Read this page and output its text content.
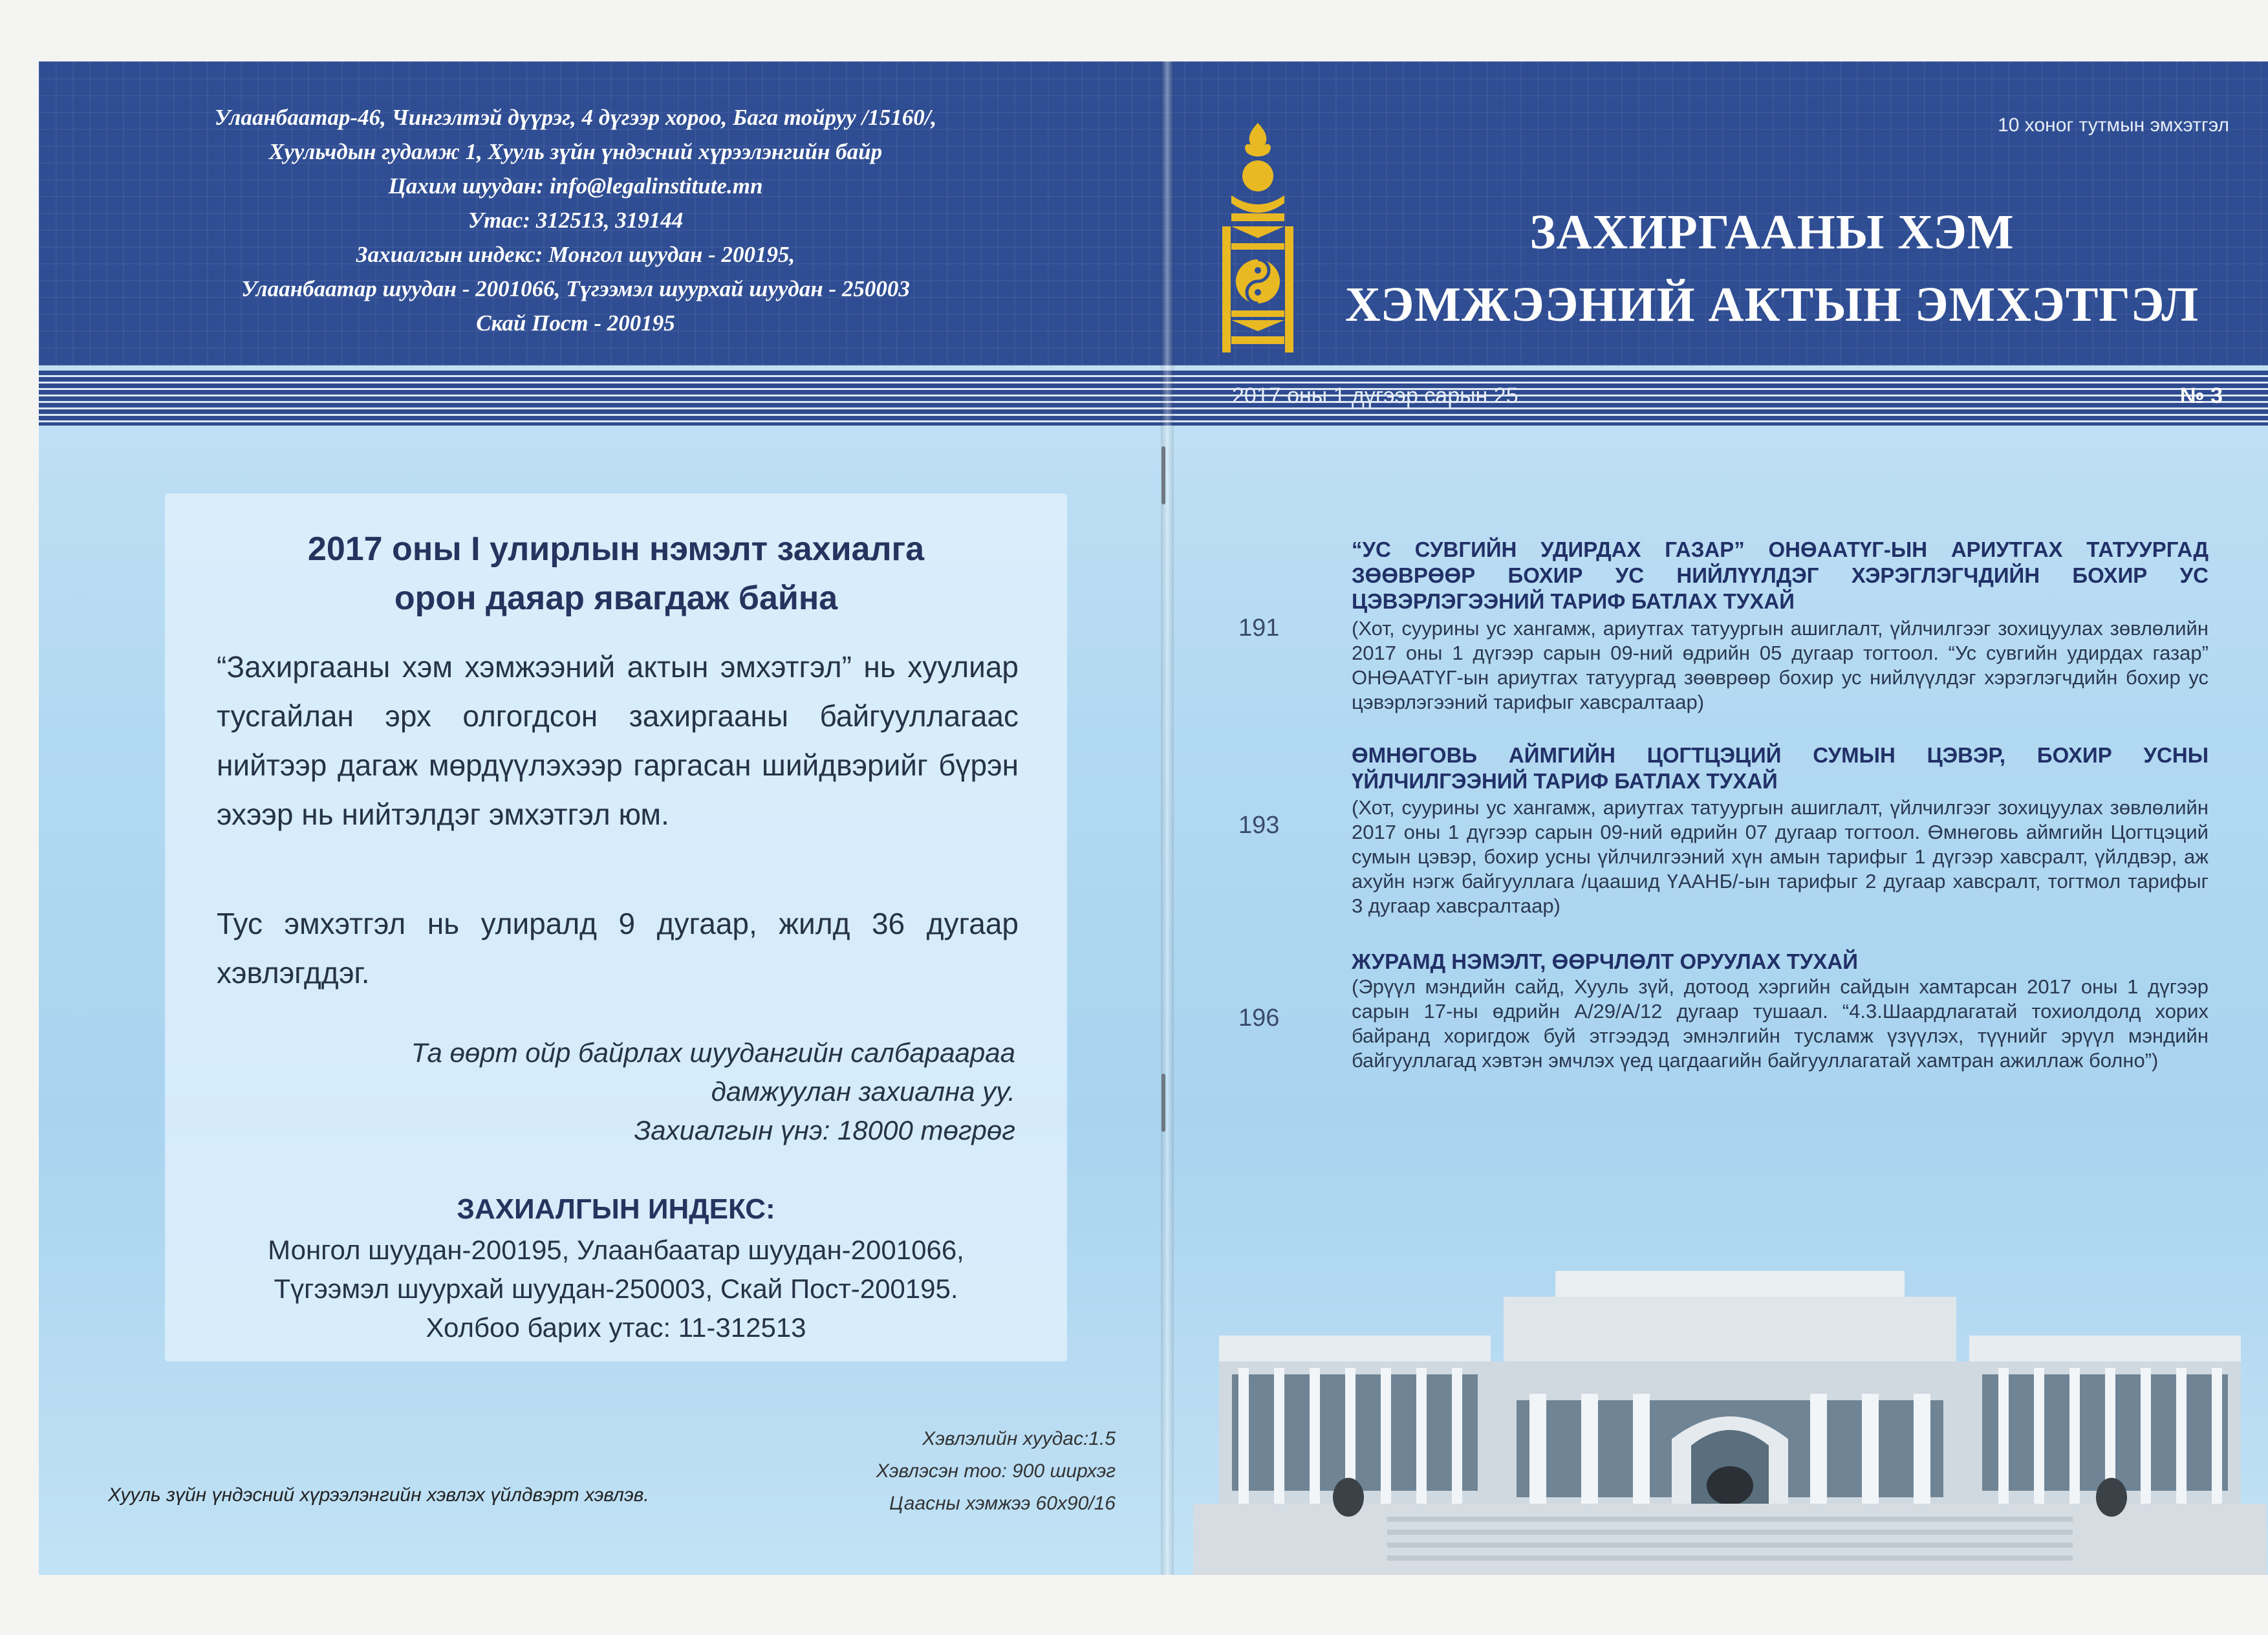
Улаанбаатар-46, Чингэлтэй дүүрэг, 4 дүгээр хороо, Бага тойруу /15160/,
Хуульчдын гудамж 1, Хууль зүйн үндэсний хүрээлэнгийн байр
Цахим шуудан: info@legalinstitute.mn
Утас: 312513, 319144
Захиалгын индекс: Монгол шуудан - 200195,
Улаанбаатар шуудан - 2001066, Түгээмэл шуурхай шуудан - 250003
Скай Пост - 200195
2017 оны I улирлын нэмэлт захиалга
орон даяар явагдаж байна

“Захиргааны хэм хэмжээний актын эмхэтгэл” нь хуулиар тусгайлан эрх олгогдсон захиргааны байгууллагаас нийтээр дагаж мөрдүүлэхээр гаргасан шийдвэрийг бүрэн эхээр нь нийтэлдэг эмхэтгэл юм.

Тус эмхэтгэл нь улиралд 9 дугаар, жилд 36 дугаар хэвлэгддэг.

Та өөрт ойр байрлах шуудангийн салбараараа
дамжуулан захиална уу.
Захиалгын үнэ: 18000 төгрөг
ЗАХИАЛГЫН ИНДЕКС:
Монгол шуудан-200195, Улаанбаатар шуудан-2001066,
Түгээмэл шуурхай шуудан-250003, Скай Пост-200195.
Холбоо барих утас: 11-312513
Хэвлэлийн хуудас:1.5
Хэвлэсэн тоо: 900 ширхэг
Цаасны хэмжээ 60x90/16
Хууль зүйн үндэсний хүрээлэнгийн хэвлэх үйлдвэрт хэвлэв.
10 хоног тутмын эмхэтгэл
ЗАХИРГААНЫ ХЭМ
ХЭМЖЭЭНИЙ АКТЫН ЭМХЭТГЭЛ
2017 оны 1 дүгээр сарын 25	№ 3
191

“УС СУВГИЙН УДИРДАХ ГАЗАР” ОНӨААТҮГ-ЫН АРИУТГАХ ТАТУУРГАД ЗӨӨВРӨӨР БОХИР УС НИЙЛҮҮЛДЭГ ХЭРЭГЛЭГЧДИЙН БОХИР УС ЦЭВЭРЛЭГЭЭНИЙ ТАРИФ БАТЛАХ ТУХАЙ

(Хот, суурины ус хангамж, ариутгах татуургын ашиглалт, үйлчилгээг зохицуулах зөвлөлийн 2017 оны 1 дүгээр сарын 09-ний өдрийн 05 дугаар тогтоол. “Ус сувгийн удирдах газар” ОНӨААТҮГ-ын ариутгах татуургад зөөврөөр бохир ус нийлүүлдэг хэрэглэгчдийн бохир ус цэвэрлэгээний тарифыг хавсралтаар)

193

ӨМНӨГОВЬ АЙМГИЙН ЦОГТЦЭЦИЙ СУМЫН ЦЭВЭР, БОХИР УСНЫ ҮЙЛЧИЛГЭЭНИЙ ТАРИФ БАТЛАХ ТУХАЙ

(Хот, суурины ус хангамж, ариутгах татуургын ашиглалт, үйлчилгээг зохицуулах зөвлөлийн 2017 оны 1 дүгээр сарын 09-ний өдрийн 07 дугаар тогтоол. Өмнөговь аймгийн Цогтцэций сумын цэвэр, бохир усны үйлчилгээний хүн амын тарифыг 1 дүгээр хавсралт, үйлдвэр, аж ахуйн нэгж байгууллага /цаашид ҮААНБ/-ын тарифыг 2 дугаар хавсралт, тогтмол тарифыг 3 дугаар хавсралтаар)

196

ЖУРАМД НЭМЭЛТ, ӨӨРЧЛӨЛТ ОРУУЛАХ ТУХАЙ

(Эрүүл мэндийн сайд, Хууль зүй, дотоод хэргийн сайдын хамтарсан 2017 оны 1 дүгээр сарын 17-ны өдрийн А/29/А/12 дугаар тушаал. “4.3.Шаардлагатай тохиолдолд хорих байранд хоригдож буй этгээдэд эмнэлгийн тусламж үзүүлэх, түүнийг эрүүл мэндийн байгууллагад хэвтэн эмчлэх үед цагдаагийн байгууллагатай хамтран ажиллаж болно”)
